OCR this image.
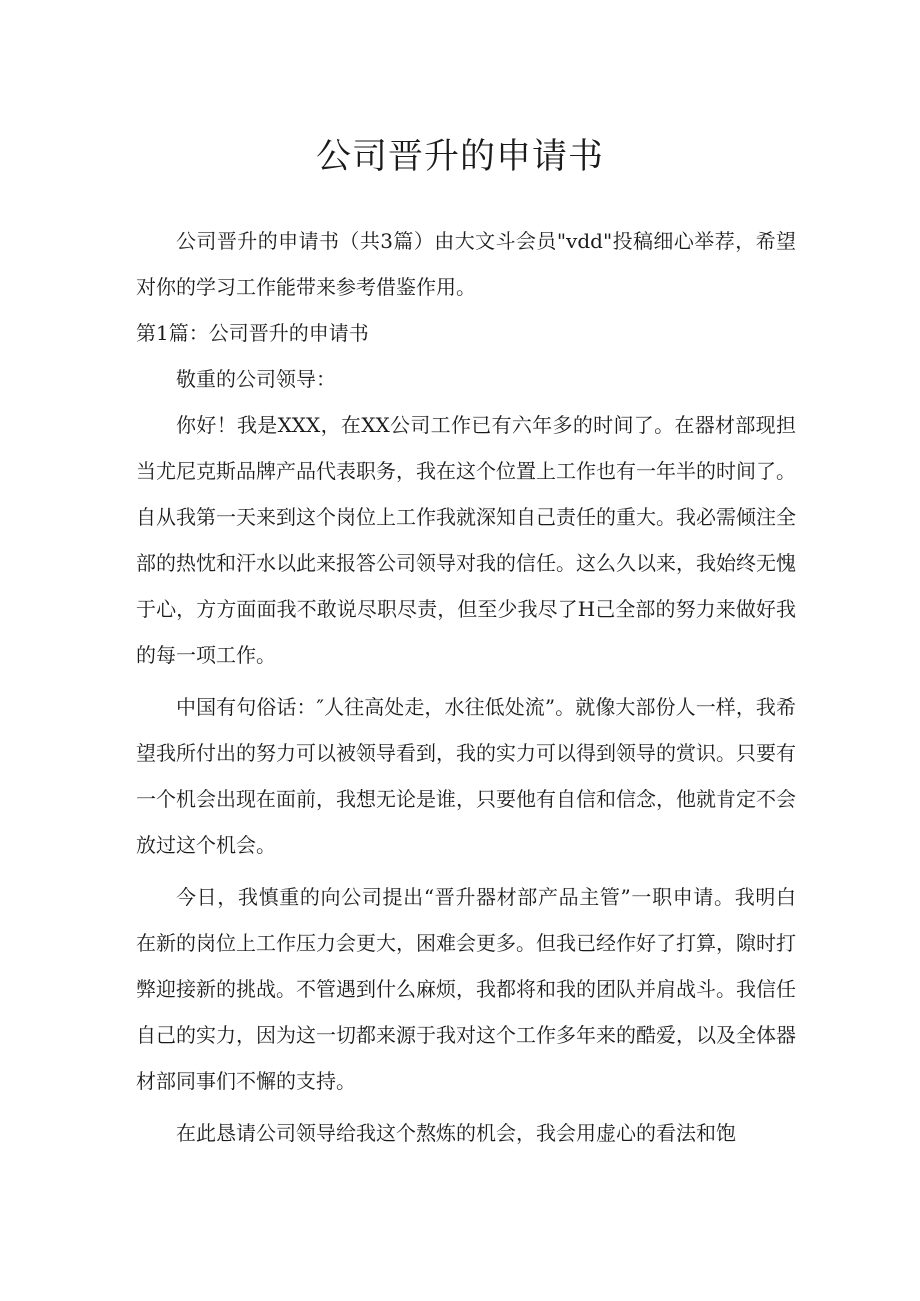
公司晋升的申请书

公司晋升的申请书（共3篇）由大文斗会员"vdd"投稿细心举荐，希望对你的学习工作能带来参考借鉴作用。

第1篇：公司晋升的申请书

敬重的公司领导：

你好！我是XXX，在XX公司工作已有六年多的时间了。在器材部现担当尤尼克斯品牌产品代表职务，我在这个位置上工作也有一年半的时间了。自从我第一天来到这个岗位上工作我就深知自己责任的重大。我必需倾注全部的热忱和汗水以此来报答公司领导对我的信任。这么久以来，我始终无愧于心，方方面面我不敢说尽职尽责，但至少我尽了H己全部的努力来做好我的每一项工作。

中国有句俗话：″人往高处走，水往低处流”。就像大部份人一样，我希望我所付出的努力可以被领导看到，我的实力可以得到领导的赏识。只要有一个机会出现在面前，我想无论是谁，只要他有自信和信念，他就肯定不会放过这个机会。

今日，我慎重的向公司提出“晋升器材部产品主管”一职申请。我明白在新的岗位上工作压力会更大，困难会更多。但我已经作好了打算，隙时打弊迎接新的挑战。不管遇到什么麻烦，我都将和我的团队并肩战斗。我信任自己的实力，因为这一切都来源于我对这个工作多年来的酷爱，以及全体器材部同事们不懈的支持。

在此恳请公司领导给我这个熬炼的机会，我会用虚心的看法和饱
